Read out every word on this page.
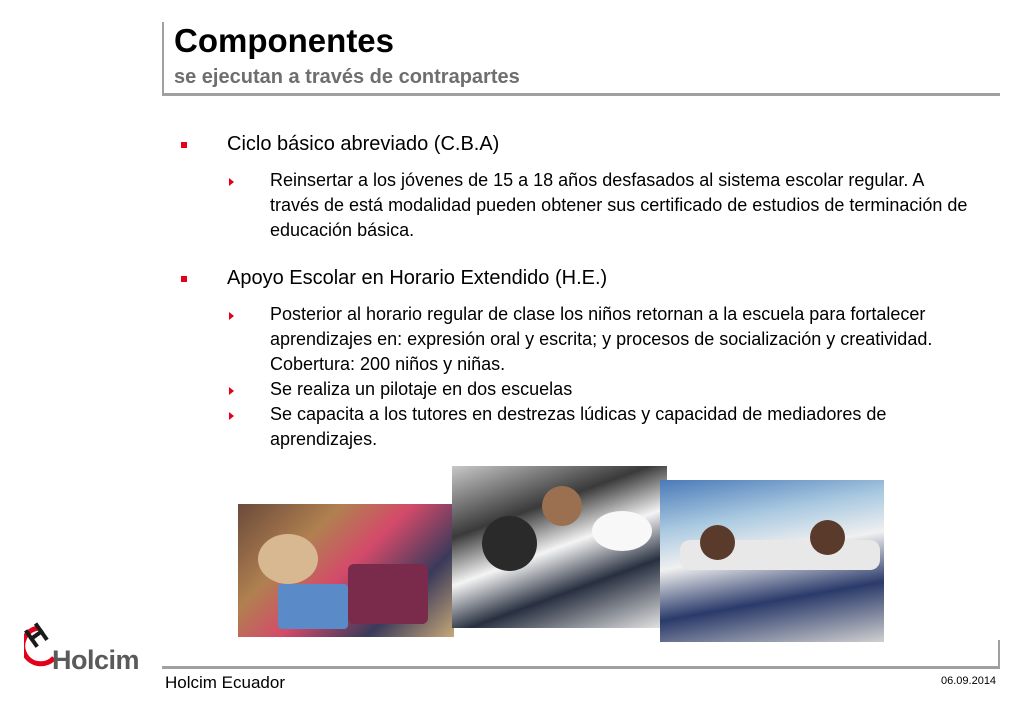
Componentes
se ejecutan a través de contrapartes
Ciclo básico abreviado (C.B.A)
Reinsertar a los jóvenes de 15 a 18 años desfasados al sistema escolar regular. A través de está modalidad pueden obtener sus certificado de estudios de terminación de educación básica.
Apoyo Escolar en Horario Extendido (H.E.)
Posterior al horario regular de clase los niños retornan a la escuela para fortalecer aprendizajes en: expresión oral y escrita; y procesos de socialización y creatividad. Cobertura: 200 niños y niñas.
Se realiza un pilotaje en dos escuelas
Se capacita a los tutores en destrezas lúdicas y capacidad de mediadores de aprendizajes.
Holcim
Holcim Ecuador	06.09.2014
